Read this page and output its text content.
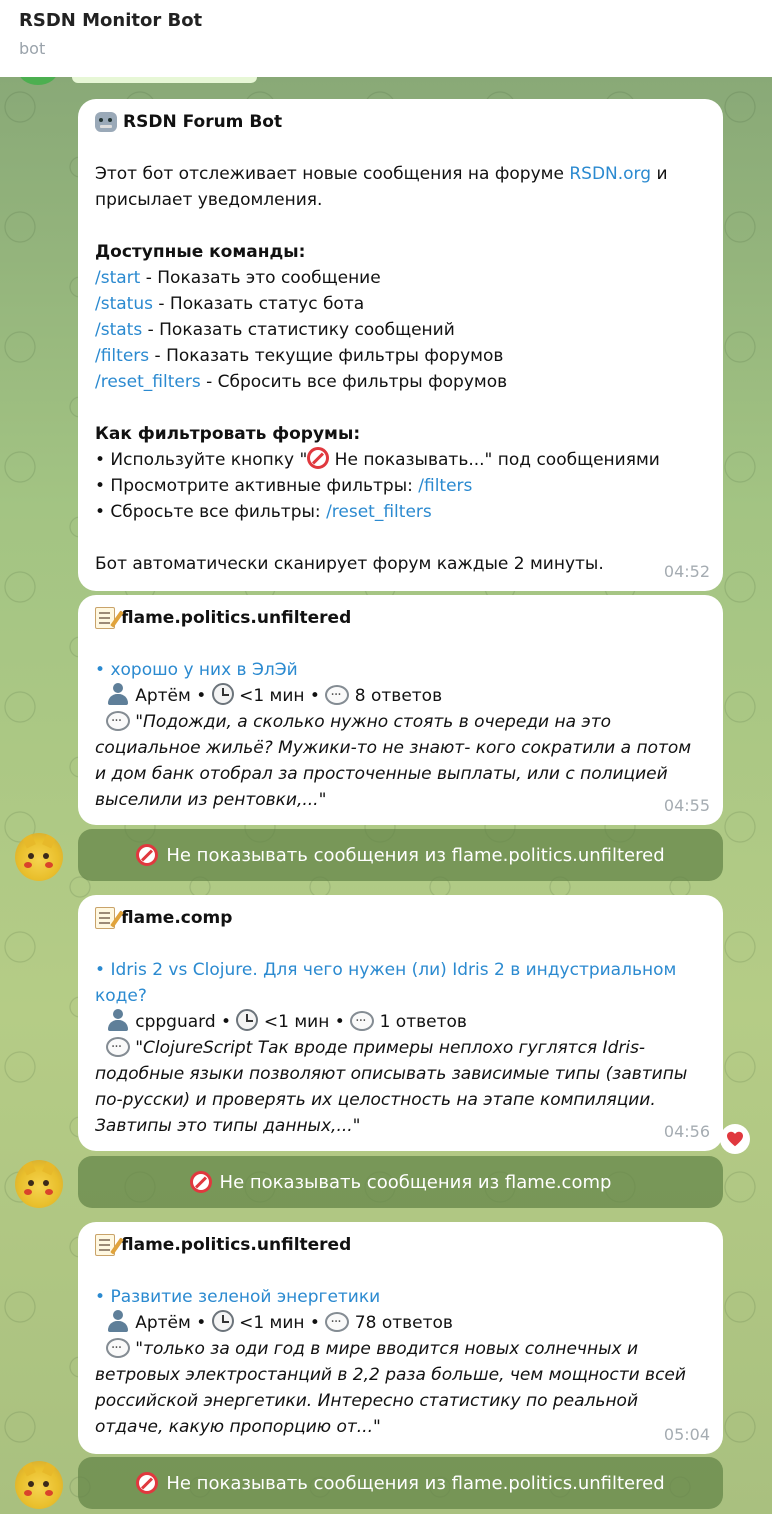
RSDN Monitor Bot
bot
RSDN Forum Bot
Этот бот отслеживает новые сообщения на форуме RSDN.org и присылает уведомления.
Доступные команды:
/start - Показать это сообщение
/status - Показать статус бота
/stats - Показать статистику сообщений
/filters - Показать текущие фильтры форумов
/reset_filters - Сбросить все фильтры форумов
Как фильтровать форумы:
• Используйте кнопку " Не показывать..." под сообщениями
• Просмотрите активные фильтры: /filters
• Сбросьте все фильтры: /reset_filters
Бот автоматически сканирует форум каждые 2 минуты.	04:52
flame.politics.unfiltered
• хорошо у них в ЭлЭй
Артём •  <1 мин • ··· 8 ответов
··· "Подожди, а сколько нужно стоять в очереди на это социальное жильё? Мужики-то не знают- кого сократили а потом и дом банк отобрал за просточенные выплаты, или с полицией выселили из рентовки,..."	04:55
Не показывать сообщения из flame.politics.unfiltered
flame.comp
• Idris 2 vs Clojure. Для чего нужен (ли) Idris 2 в индустриальном коде?
cppguard •  <1 мин • ··· 1 ответов
··· "ClojureScript Так вроде примеры неплохо гуглятся Idris-подобные языки позволяют описывать зависимые типы (завтипы по-русски) и проверять их целостность на этапе компиляции. Завтипы это типы данных,..."	04:56
Не показывать сообщения из flame.comp
flame.politics.unfiltered
• Развитие зеленой энергетики
Артём •  <1 мин • ··· 78 ответов
··· "только за оди год в мире вводится новых солнечных и ветровых электростанций в 2,2 раза больше, чем мощности всей российской энергетики. Интересно статистику по реальной отдаче, какую пропорцию от..."	05:04
Не показывать сообщения из flame.politics.unfiltered
